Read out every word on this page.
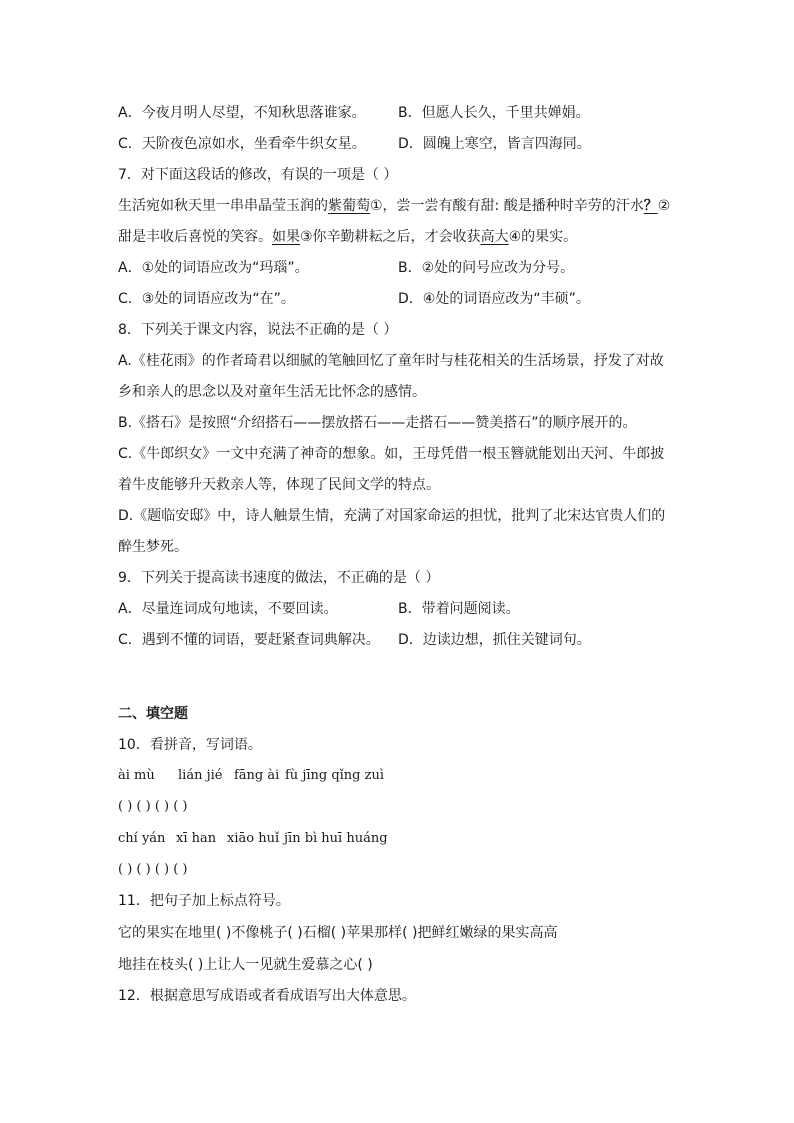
A．今夜月明人尽望，不知秋思落谁家。 B．但愿人长久，千里共婵娟。
C．天阶夜色凉如水，坐看牵牛织女星。 D．圆魄上寒空，皆言四海同。
7．对下面这段话的修改，有误的一项是（ ）
生活宛如秋天里一串串晶莹玉润的紫葡萄①，尝一尝有酸有甜: 酸是播种时辛劳的汗水？②
甜是丰收后喜悦的笑容。如果③你辛勤耕耘之后，才会收获高大④的果实。
A．①处的词语应改为“玛瑙”。	B．②处的问号应改为分号。
C．③处的词语应改为“在”。	D．④处的词语应改为“丰硕”。
8．下列关于课文内容，说法不正确的是（ ）
A.《桂花雨》的作者琦君以细腻的笔触回忆了童年时与桂花相关的生活场景，抒发了对故
乡和亲人的思念以及对童年生活无比怀念的感情。
B.《搭石》是按照“介绍搭石——摆放搭石——走搭石——赞美搭石”的顺序展开的。
C.《牛郎织女》一文中充满了神奇的想象。如，王母凭借一根玉簪就能划出天河、牛郎披
着牛皮能够升天救亲人等，体现了民间文学的特点。
D.《题临安邸》中，诗人触景生情，充满了对国家命运的担忧，批判了北宋达官贵人们的
醉生梦死。
9．下列关于提高读书速度的做法，不正确的是（ ）
A．尽量连词成句地读，不要回读。	B．带着问题阅读。
C．遇到不懂的词语，要赶紧查词典解决。 D．边读边想，抓住关键词句。
二、填空题
10．看拼音，写词语。
ài mù lián jié fāng ài fù jīng qǐng zuì
( ) ( ) ( ) ( )
chí yán xī han xiāo huǐ jīn bì huī huáng
( ) ( ) ( ) ( )
11．把句子加上标点符号。
它的果实在地里( )不像桃子( )石榴( )苹果那样( )把鲜红嫩绿的果实高高
地挂在枝头( )上让人一见就生爱慕之心( )
12．根据意思写成语或者看成语写出大体意思。
